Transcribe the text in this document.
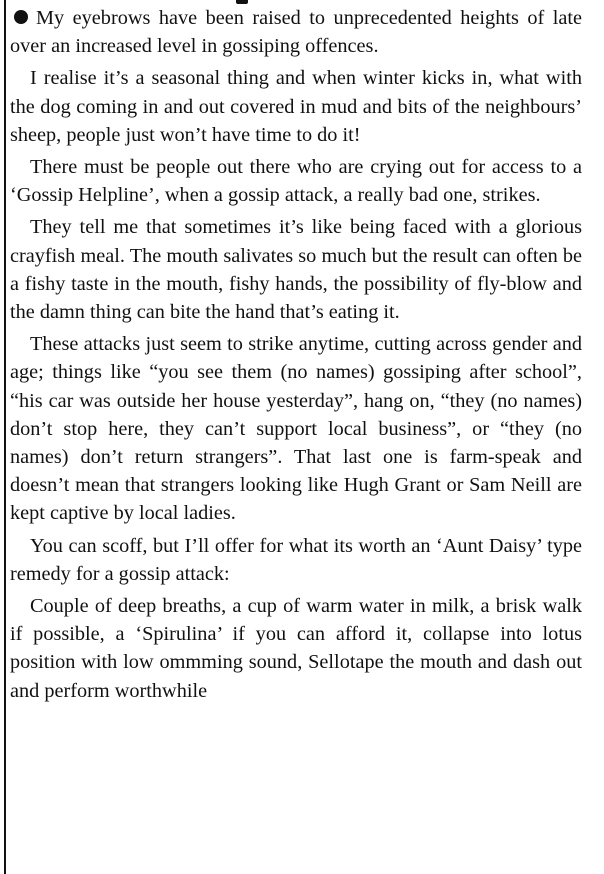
My eyebrows have been raised to unprecedented heights of late over an increased level in gossiping offences.

I realise it’s a seasonal thing and when winter kicks in, what with the dog coming in and out covered in mud and bits of the neighbours’ sheep, people just won’t have time to do it!

There must be people out there who are crying out for access to a ‘Gossip Helpline’, when a gossip attack, a really bad one, strikes.

They tell me that sometimes it’s like being faced with a glorious crayfish meal. The mouth salivates so much but the result can often be a fishy taste in the mouth, fishy hands, the possibility of fly-blow and the damn thing can bite the hand that’s eating it.

These attacks just seem to strike anytime, cutting across gender and age; things like “you see them (no names) gossiping after school”, “his car was outside her house yesterday”, hang on, “they (no names) don’t stop here, they can’t support local business”, or “they (no names) don’t return strangers”. That last one is farm-speak and doesn’t mean that strangers looking like Hugh Grant or Sam Neill are kept captive by local ladies.

You can scoff, but I’ll offer for what its worth an ‘Aunt Daisy’ type remedy for a gossip attack:

Couple of deep breaths, a cup of warm water in milk, a brisk walk if possible, a ‘Spirulina’ if you can afford it, collapse into lotus position with low ommming sound, Sellotape the mouth and dash out and perform worthwhile
